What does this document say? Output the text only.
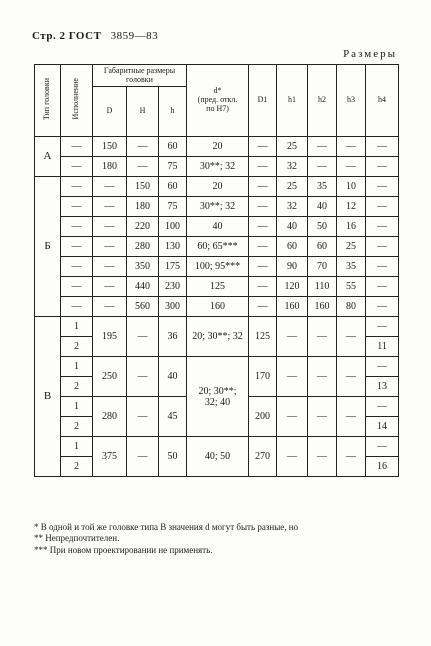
Стр. 2 ГОСТ 3859—83
Размеры
Тип головки	Исполнение	Габаритные размеры головки			d*
(пред. откл.
по H7)	D1	h1	h2	h3	h4
		D	H	h						
А	—	150	—	60	20	—	25	—	—	—
	—	180	—	75	30**; 32	—	32	—	—	—
Б	—	—	150	60	20	—	25	35	10	—
	—	—	180	75	30**; 32	—	32	40	12	—
	—	—	220	100	40	—	40	50	16	—
	—	—	280	130	60; 65***	—	60	60	25	—
	—	—	350	175	100; 95***	—	90	70	35	—
	—	—	440	230	125	—	120	110	55	—
	—	—	560	300	160	—	160	160	80	—
В	1	195	—	36	20; 30**; 32	125	—	—	—	—
	2									11
	1	250	—	40	20; 30**;
32; 40	170	—	—	—	—
	2									13
	1	280	—	45		200	—	—	—	—
	2									14
	1	375	—	50	40; 50	270	—	—	—	—
	2									16
* В одной и той же головке типа В значения d могут быть разные, но
** Непредпочтителен.
*** При новом проектировании не применять.
